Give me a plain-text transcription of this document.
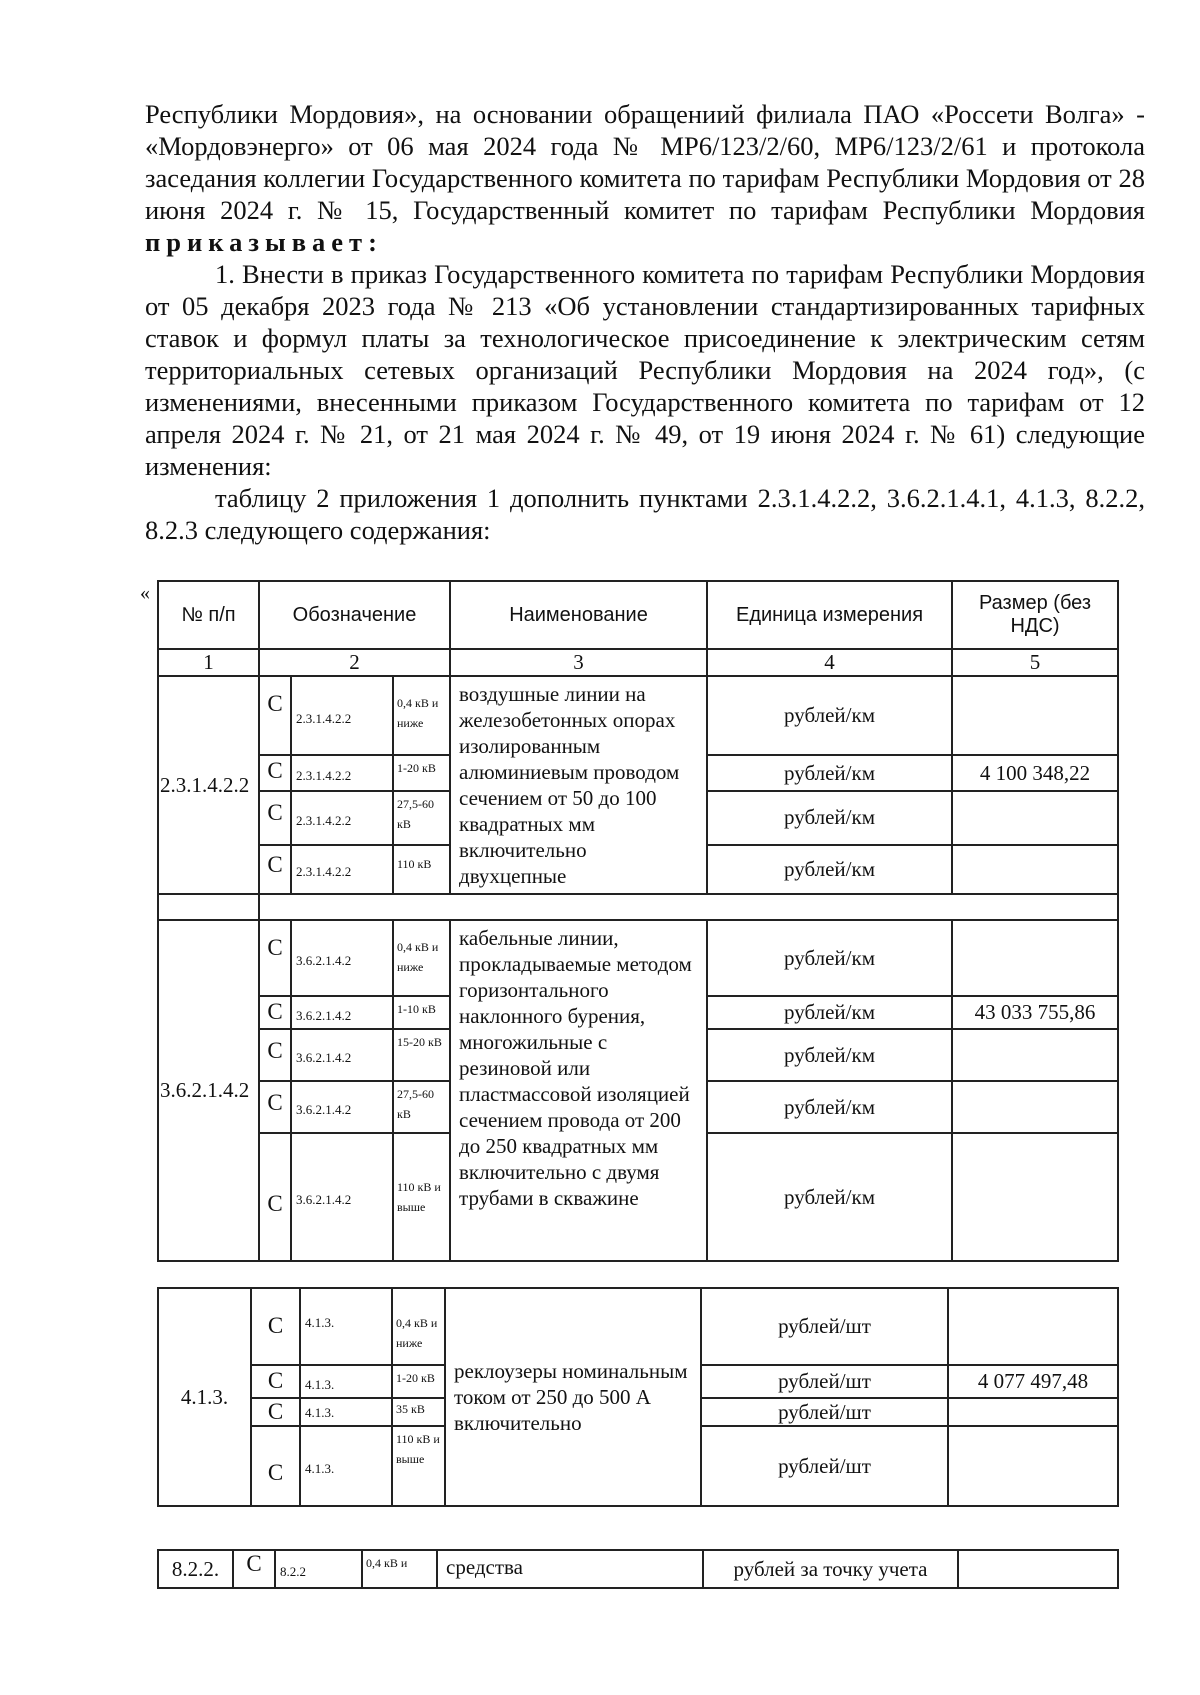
Республики Мордовия», на основании обращениий филиала ПАО «Россети Волга» - «Мордовэнерго» от 06 мая 2024 года № МР6/123/2/60, МР6/123/2/61 и протокола заседания коллегии Государственного комитета по тарифам Республики Мордовия от 28 июня 2024 г. № 15, Государственный комитет по тарифам Республики Мордовия приказывает:

1. Внести в приказ Государственного комитета по тарифам Республики Мордовия от 05 декабря 2023 года № 213 «Об установлении стандартизированных тарифных ставок и формул платы за технологическое присоединение к электрическим сетям территориальных сетевых организаций Республики Мордовия на 2024 год», (с изменениями, внесенными приказом Государственного комитета по тарифам от 12 апреля 2024 г. № 21, от 21 мая 2024 г. № 49, от 19 июня 2024 г. № 61) следующие изменения:

таблицу 2 приложения 1 дополнить пунктами 2.3.1.4.2.2, 3.6.2.1.4.1, 4.1.3, 8.2.2, 8.2.3 следующего содержания:

«
№ п/п	Обозначение			Наименование	Единица измерения	Размер (без НДС)
1	2			3	4	5
2.3.1.4.2.2	С	2.3.1.4.2.2	0,4 кВ и ниже	воздушные линии на железобетонных опорах изолированным алюминиевым проводом сечением от 50 до 100 квадратных мм включительно двухцепные	рублей/км	
	С	2.3.1.4.2.2	1-20 кВ		рублей/км	4 100 348,22
	С	2.3.1.4.2.2	27,5-60 кВ		рублей/км	
	С	2.3.1.4.2.2	110 кВ		рублей/км	

3.6.2.1.4.2	С	3.6.2.1.4.2	0,4 кВ и ниже	кабельные линии, прокладываемые методом горизонтального наклонного бурения, многожильные с резиновой или пластмассовой изоляцией сечением провода от 200 до 250 квадратных мм включительно с двумя трубами в скважине	рублей/км	
	С	3.6.2.1.4.2	1-10 кВ		рублей/км	43 033 755,86
	С	3.6.2.1.4.2	15-20 кВ		рублей/км	
	С	3.6.2.1.4.2	27,5-60 кВ		рублей/км	
	С	3.6.2.1.4.2	110 кВ и выше		рублей/км	
4.1.3.	С	4.1.3.	0,4 кВ и ниже	реклоузеры номинальным током от 250 до 500 А включительно	рублей/шт	
	С	4.1.3.	1-20 кВ		рублей/шт	4 077 497,48
	С	4.1.3.	35 кВ		рублей/шт	
	С	4.1.3.	110 кВ и выше		рублей/шт	
8.2.2.	С	8.2.2	0,4 кВ и	средства	рублей за точку учета	
